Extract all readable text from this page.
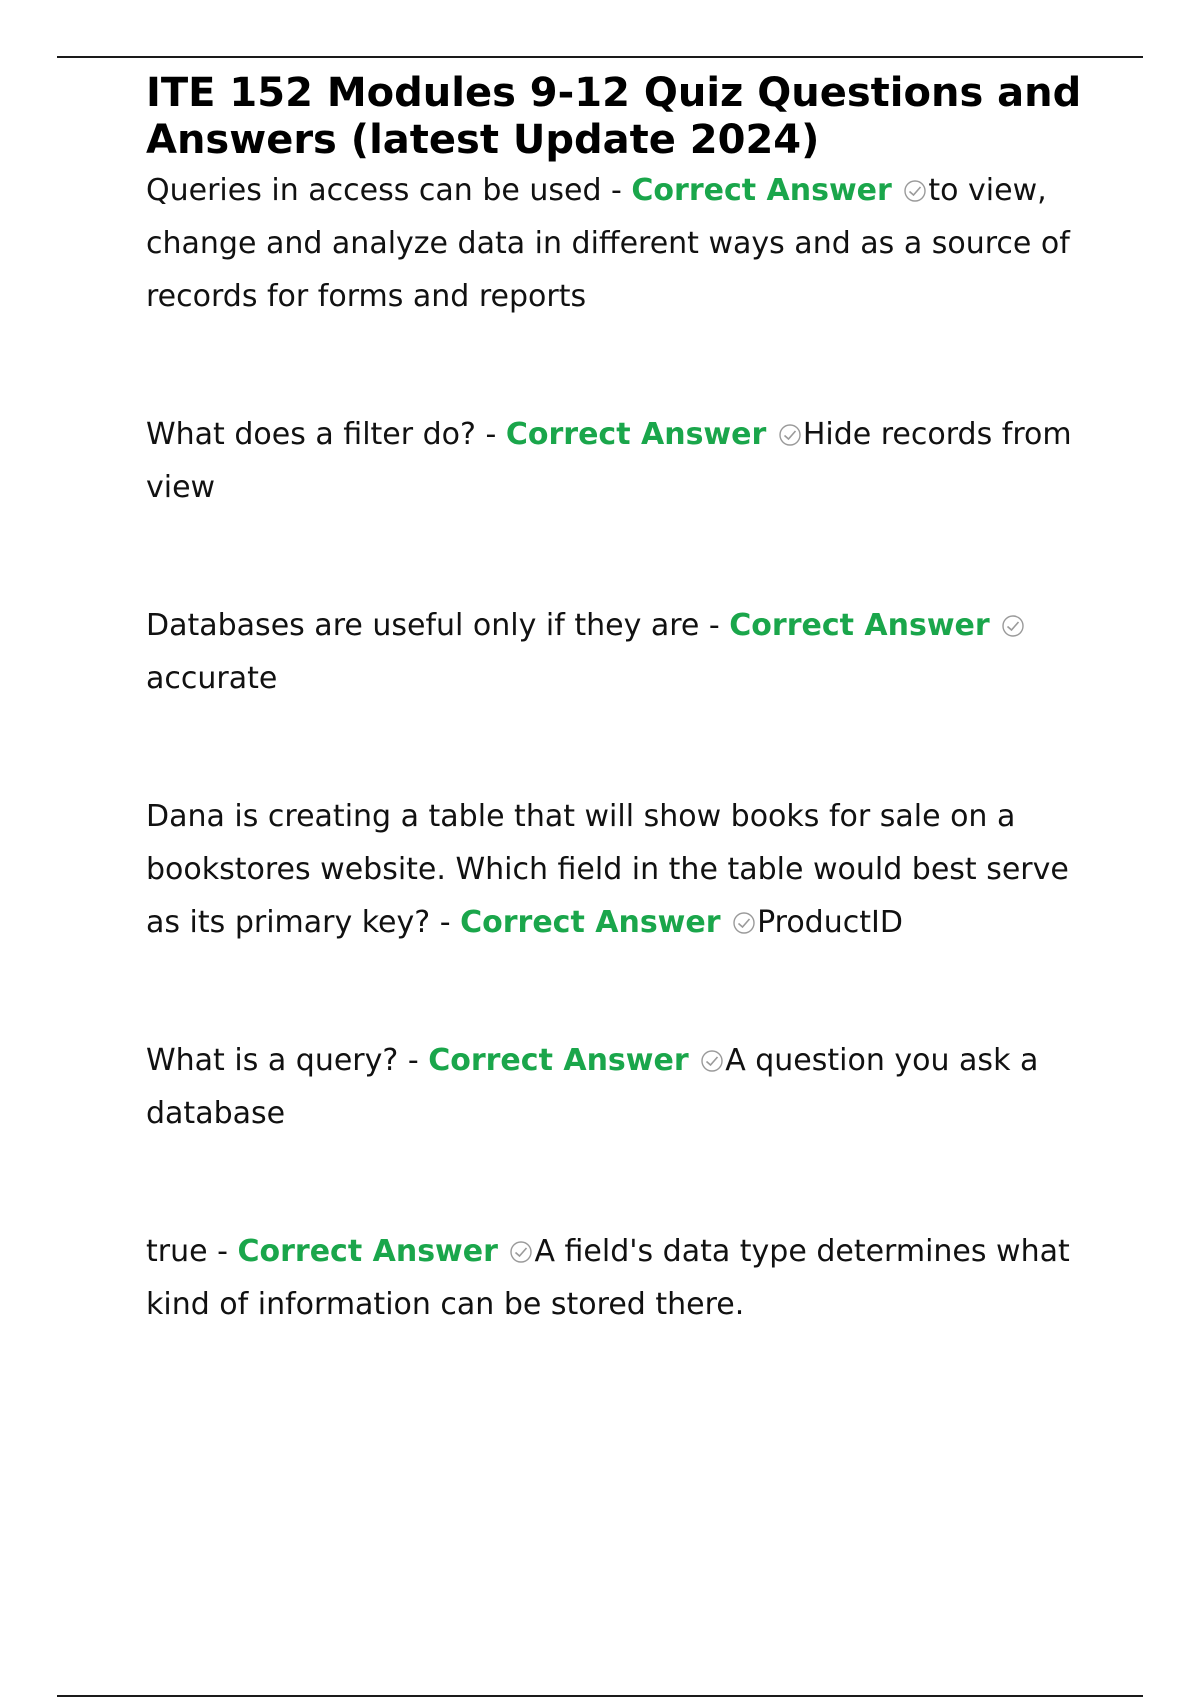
ITE 152 Modules 9-12 Quiz Questions and Answers (latest Update 2024)

Queries in access can be used - Correct Answer to view, change and analyze data in different ways and as a source of records for forms and reports

What does a filter do? - Correct Answer Hide records from view

Databases are useful only if they are - Correct Answer accurate

Dana is creating a table that will show books for sale on a bookstores website. Which field in the table would best serve as its primary key? - Correct Answer ProductID

What is a query? - Correct Answer A question you ask a database

true - Correct Answer A field's data type determines what kind of information can be stored there.
